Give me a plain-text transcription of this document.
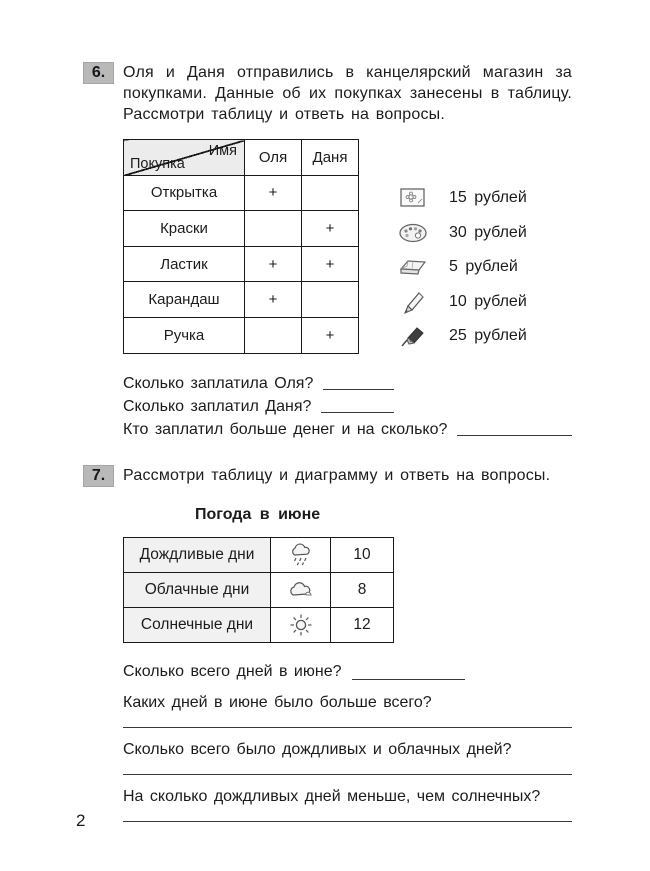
6.	Оля и Даня отправились в канцелярский магазин за покупками. Данные об их покупках занесены в таблицу. Рассмотри таблицу и ответь на вопросы.

Имя
Покупка	Оля	Даня
Открытка	+	
Краски		+
Ластик	+	+
Карандаш	+	
Ручка		+
15 рублей
30 рублей
5 рублей
10 рублей
25 рублей
Сколько заплатила Оля?
Сколько заплатил Даня?
Кто заплатил больше денег и на сколько?
7.	Рассмотри таблицу и диаграмму и ответь на вопросы.

Погода в июне
Дождливые дни		10
Облачные дни		8
Солнечные дни		12
Сколько всего дней в июне?
Каких дней в июне было больше всего?
Сколько всего было дождливых и облачных дней?
На сколько дождливых дней меньше, чем солнечных?
2
